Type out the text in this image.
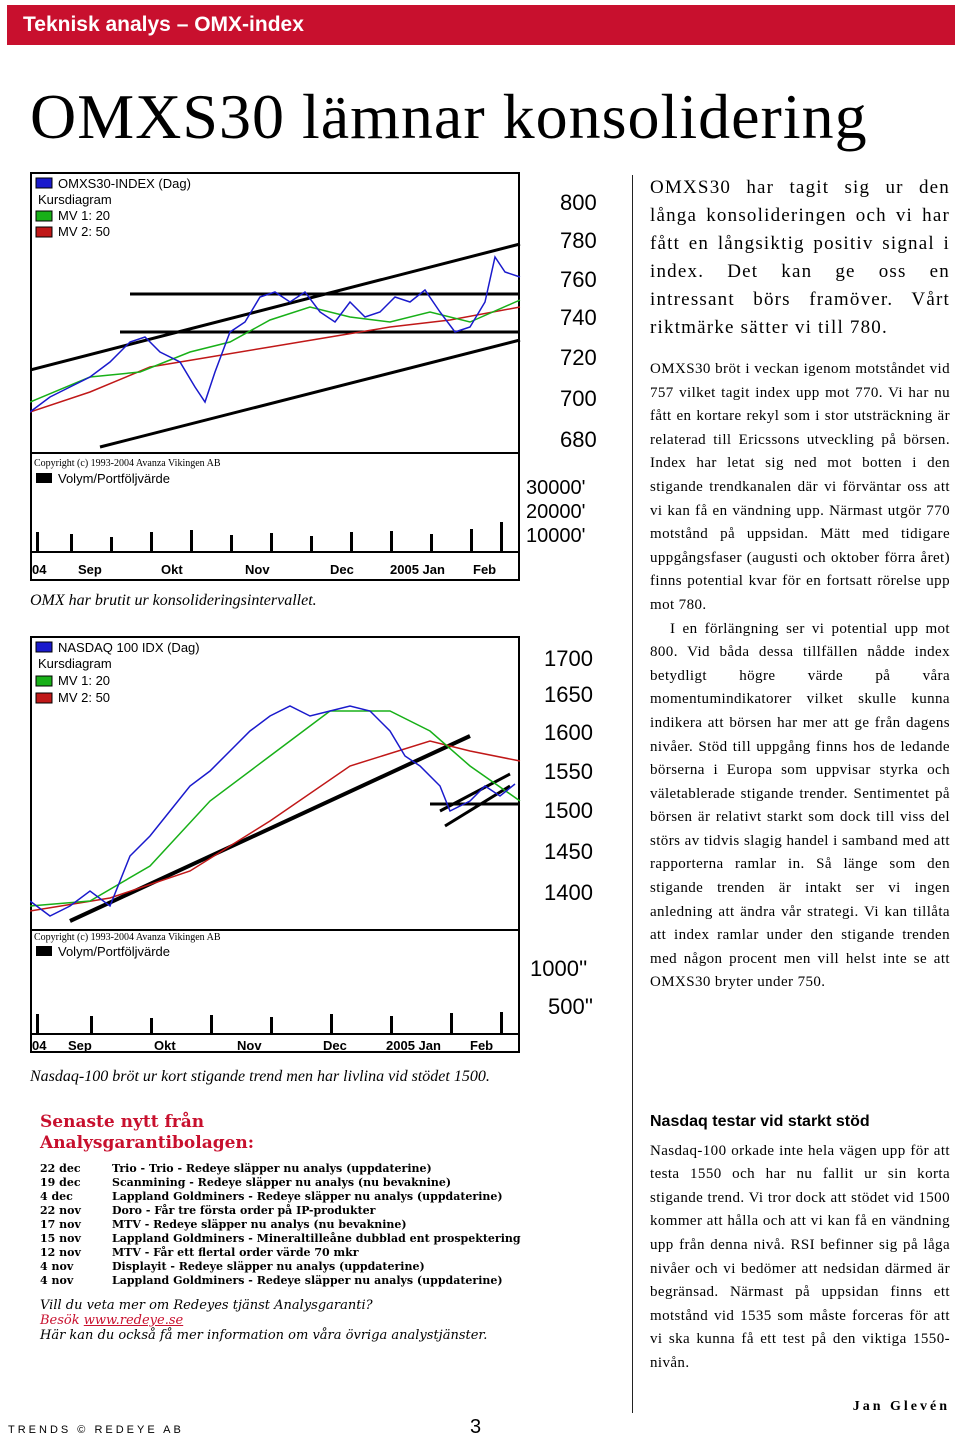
Teknisk analys – OMX-index
OMXS30 lämnar konsolidering
OMXS30-INDEX (Dag)
Kursdiagram
MV 1: 20
MV 2: 50
Copyright (c) 1993-2004 Avanza Vikingen AB
Volym/Portföljvärde
800
780
760
740
720
700
680
30000'
20000'
10000'
04 Sep	Okt	Nov	Dec	2005 Jan Feb
OMX har brutit ur konsolideringsintervallet.
NASDAQ 100 IDX (Dag)
Kursdiagram
MV 1: 20
MV 2: 50
Copyright (c) 1993-2004 Avanza Vikingen AB
Volym/Portföljvärde
1700
1650
1600
1550
1500
1450
1400
1000''
500''
04 Sep	Okt	Nov	Dec	2005 Jan Feb
Nasdaq-100 bröt ur kort stigande trend men har livlina vid stödet 1500.
Senaste nytt från
Analysgarantibolagen:
22 dec	Trio - Trio - Redeye släpper nu analys (uppdaterine)
19 dec	Scanmining - Redeye släpper nu analys (nu bevaknine)
4 dec	Lappland Goldminers - Redeye släpper nu analys (uppdaterine)
22 nov	Doro - Får tre första order på IP-produkter
17 nov	MTV - Redeye släpper nu analys (nu bevaknine)
15 nov	Lappland Goldminers - Mineraltilleåne dubblad ent prospektering
12 nov	MTV - Får ett flertal order värde 70 mkr
4 nov	Displayit - Redeye släpper nu analys (uppdaterine)
4 nov	Lappland Goldminers - Redeye släpper nu analys (uppdaterine)
Vill du veta mer om Redeyes tjänst Analysgaranti?
Besök www.redeye.se
Här kan du också få mer information om våra övriga analystjänster.

OMXS30 har tagit sig ur den långa konsolideringen och vi har fått en långsiktig positiv signal i index. Det kan ge oss en intressant börs framöver. Vårt riktmärke sätter vi till 780.

OMXS30 bröt i veckan igenom motståndet vid 757 vilket tagit index upp mot 770. Vi har nu fått en kortare rekyl som i stor utsträckning är relaterad till Ericssons utveckling på börsen. Index har letat sig ned mot botten i den stigande trendkanalen där vi förväntar oss att vi kan få en vändning upp. Närmast utgör 770 motstånd på uppsidan. Mätt med tidigare uppgångsfaser (augusti och oktober förra året) finns potential kvar för en fortsatt rörelse upp mot 780.

I en förlängning ser vi potential upp mot 800. Vid båda dessa tillfällen nådde index betydligt högre värde på våra momentumindikatorer vilket skulle kunna indikera att börsen har mer att ge från dagens nivåer. Stöd till uppgång finns hos de ledande börserna i Europa som uppvisar styrka och väletablerade stigande trender. Sentimentet på börsen är relativt starkt som dock till viss del störs av tidvis slagig handel i samband med att rapporterna ramlar in. Så länge som den stigande trenden är intakt ser vi ingen anledning att ändra vår strategi. Vi kan tillåta att index ramlar under den stigande trenden med någon procent men vill helst inte se att OMXS30 bryter under 750.

Nasdaq testar vid starkt stöd

Nasdaq-100 orkade inte hela vägen upp för att testa 1550 och har nu fallit ur sin korta stigande trend. Vi tror dock att stödet vid 1500 kommer att hålla och att vi kan få en vändning upp från denna nivå. RSI befinner sig på låga nivåer och vi bedömer att nedsidan därmed är begränsad. Närmast på uppsidan finns ett motstånd vid 1535 som måste forceras för att vi ska kunna få ett test på den viktiga 1550-nivån.

Jan Glevén
TRENDS © REDEYE AB	3
